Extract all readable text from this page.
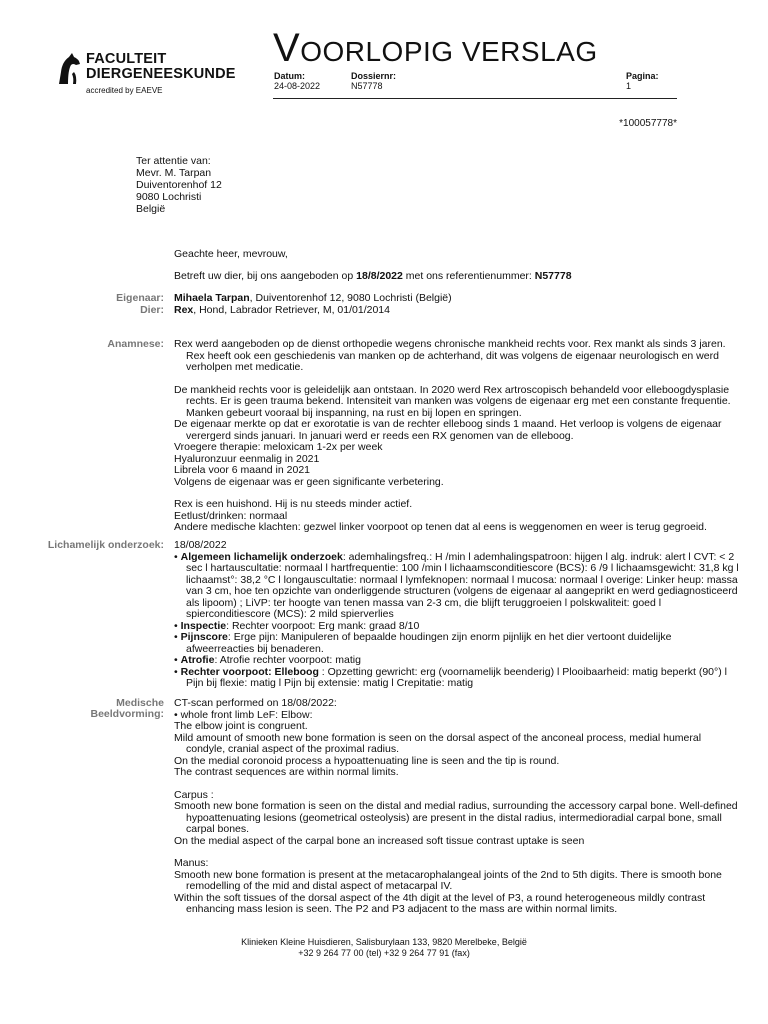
FACULTEIT
DIERGENEESKUNDE
accredited by EAEVE
VOORLOPIG VERSLAG
Datum:
24-08-2022
Dossiernr:
N57778
Pagina:
1
*100057778*
Ter attentie van:
Mevr. M. Tarpan
Duiventorenhof 12
9080 Lochristi
België
Geachte heer, mevrouw,
Betreft uw dier, bij ons aangeboden op 18/8/2022 met ons referentienummer: N57778
Eigenaar: Mihaela Tarpan, Duiventorenhof 12, 9080 Lochristi (België)
Dier: Rex, Hond, Labrador Retriever, M, 01/01/2014
Anamnese: Rex werd aangeboden op de dienst orthopedie wegens chronische mankheid rechts voor. Rex mankt als sinds 3 jaren. Rex heeft ook een geschiedenis van manken op de achterhand, dit was volgens de eigenaar neurologisch en werd verholpen met medicatie.

De mankheid rechts voor is geleidelijk aan ontstaan. In 2020 werd Rex artroscopisch behandeld voor elleboogdysplasie rechts. Er is geen trauma bekend. Intensiteit van manken was volgens de eigenaar erg met een constante frequentie. Manken gebeurt vooraal bij inspanning, na rust en bij lopen en springen.

De eigenaar merkte op dat er exorotatie is van de rechter elleboog sinds 1 maand. Het verloop is volgens de eigenaar verergerd sinds januari. In januari werd er reeds een RX genomen van de elleboog.

Vroegere therapie: meloxicam 1-2x per week

Hyaluronzuur eenmalig in 2021

Librela voor 6 maand in 2021

Volgens de eigenaar was er geen significante verbetering.

Rex is een huishond. Hij is nu steeds minder actief.

Eetlust/drinken: normaal

Andere medische klachten: gezwel linker voorpoot op tenen dat al eens is weggenomen en weer is terug gegroeid.

Lichamelijk onderzoek: 18/08/2022

• Algemeen lichamelijk onderzoek: ademhalingsfreq.: H /min l ademhalingspatroon: hijgen l alg. indruk: alert l CVT: < 2 sec l hartauscultatie: normaal l hartfrequentie: 100 /min l lichaamsconditiescore (BCS): 6 /9 l lichaamsgewicht: 31,8 kg l lichaamst°: 38,2 °C l longauscultatie: normaal l lymfeknopen: normaal l mucosa: normaal l overige: Linker heup: massa van 3 cm, hoe ten opzichte van onderliggende structuren (volgens de eigenaar al aangeprikt en werd gediagnosticeerd als lipoom) ; LiVP: ter hoogte van tenen massa van 2-3 cm, die blijft teruggroeien l polskwaliteit: goed l spierconditiescore (MCS): 2 mild spierverlies

• Inspectie: Rechter voorpoot: Erg mank: graad 8/10

• Pijnscore: Erge pijn: Manipuleren of bepaalde houdingen zijn enorm pijnlijk en het dier vertoont duidelijke afweerreacties bij benaderen.

• Atrofie: Atrofie rechter voorpoot: matig

• Rechter voorpoot: Elleboog : Opzetting gewricht: erg (voornamelijk beenderig) l Plooibaarheid: matig beperkt (90°) l Pijn bij flexie: matig l Pijn bij extensie: matig l Crepitatie: matig

Medische
Beeldvorming:

CT-scan performed on 18/08/2022:

• whole front limb LeF: Elbow:

The elbow joint is congruent.

Mild amount of smooth new bone formation is seen on the dorsal aspect of the anconeal process, medial humeral condyle, cranial aspect of the proximal radius.

On the medial coronoid process a hypoattenuating line is seen and the tip is round.

The contrast sequences are within normal limits.

Carpus :

Smooth new bone formation is seen on the distal and medial radius, surrounding the accessory carpal bone. Well-defined hypoattenuating lesions (geometrical osteolysis) are present in the distal radius, intermedioradial carpal bone, small carpal bones.

On the medial aspect of the carpal bone an increased soft tissue contrast uptake is seen

Manus:

Smooth new bone formation is present at the metacarophalangeal joints of the 2nd to 5th digits. There is smooth bone remodelling of the mid and distal aspect of metacarpal IV.

Within the soft tissues of the dorsal aspect of the 4th digit at the level of P3, a round heterogeneous mildly contrast enhancing mass lesion is seen. The P2 and P3 adjacent to the mass are within normal limits.

Klinieken Kleine Huisdieren, Salisburylaan 133, 9820 Merelbeke, België
+32 9 264 77 00 (tel) +32 9 264 77 91 (fax)
